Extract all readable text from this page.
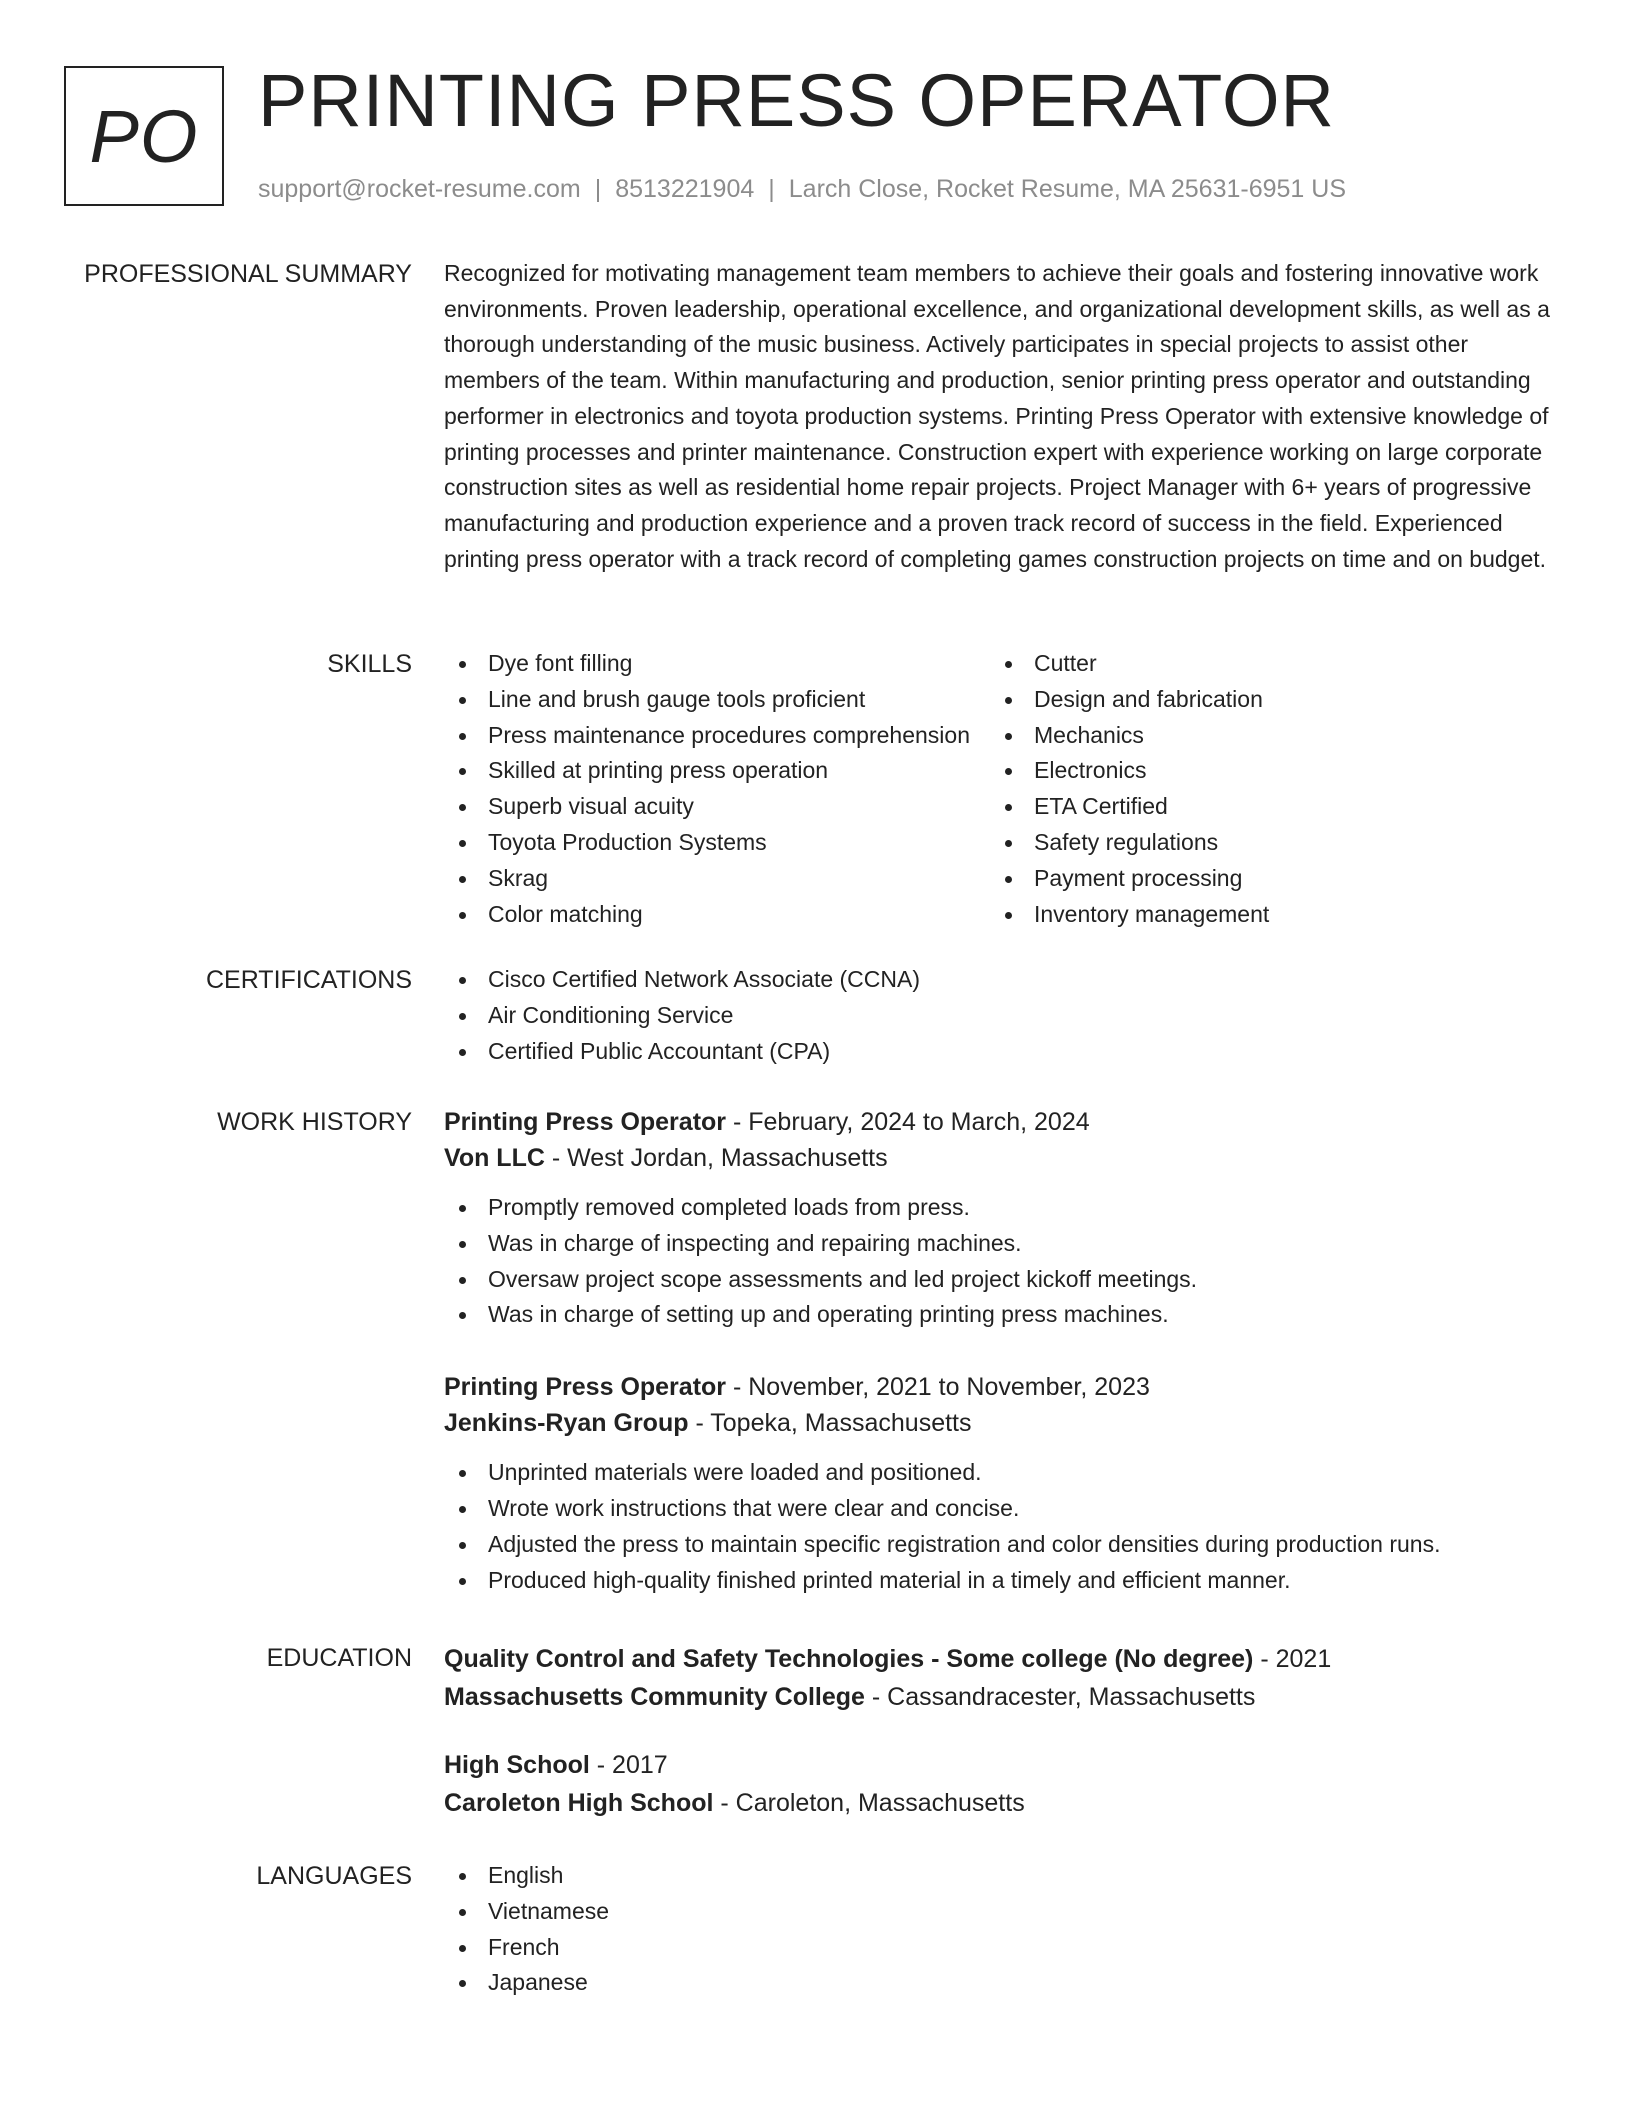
PO PRINTING PRESS OPERATOR
support@rocket-resume.com | 8513221904 | Larch Close, Rocket Resume, MA 25631-6951 US
PROFESSIONAL SUMMARY Recognized for motivating management team members to achieve their goals and fostering innovative work environments. Proven leadership, operational excellence, and organizational development skills, as well as a thorough understanding of the music business. Actively participates in special projects to assist other members of the team. Within manufacturing and production, senior printing press operator and outstanding performer in electronics and toyota production systems. Printing Press Operator with extensive knowledge of printing processes and printer maintenance. Construction expert with experience working on large corporate construction sites as well as residential home repair projects. Project Manager with 6+ years of progressive manufacturing and production experience and a proven track record of success in the field. Experienced printing press operator with a track record of completing games construction projects on time and on budget.

SKILLS	Dye font filling
Line and brush gauge tools proficient
Press maintenance procedures comprehension
Skilled at printing press operation
Superb visual acuity
Toyota Production Systems
Skrag
Color matching
Cutter
Design and fabrication
Mechanics
Electronics
ETA Certified
Safety regulations
Payment processing
Inventory management
CERTIFICATIONS	Cisco Certified Network Associate (CCNA)
Air Conditioning Service
Certified Public Accountant (CPA)
WORK HISTORY Printing Press Operator - February, 2024 to March, 2024
Von LLC - West Jordan, Massachusetts
Promptly removed completed loads from press.
Was in charge of inspecting and repairing machines.
Oversaw project scope assessments and led project kickoff meetings.
Was in charge of setting up and operating printing press machines.
Printing Press Operator - November, 2021 to November, 2023
Jenkins-Ryan Group - Topeka, Massachusetts
Unprinted materials were loaded and positioned.
Wrote work instructions that were clear and concise.
Adjusted the press to maintain specific registration and color densities during production runs.
Produced high-quality finished printed material in a timely and efficient manner.
EDUCATION Quality Control and Safety Technologies - Some college (No degree) - 2021
Massachusetts Community College - Cassandracester, Massachusetts
High School - 2017
Caroleton High School - Caroleton, Massachusetts
LANGUAGES	English
Vietnamese
French
Japanese
